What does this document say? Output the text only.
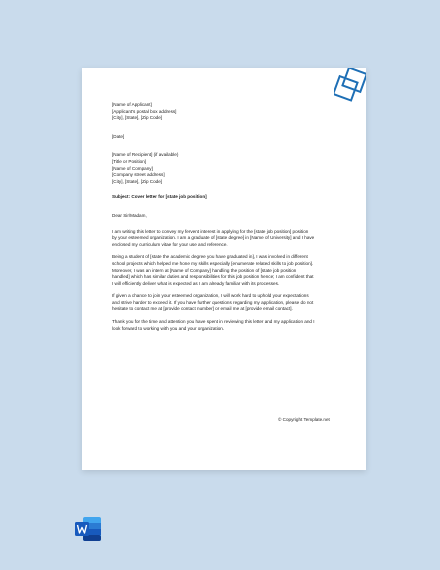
[Name of Applicant]
[Applicant's postal box address]
[City], [State], [Zip Code]
[Date]
[Name of Recipient] (if available)
[Title or Position]
[Name of Company]
[Company street address]
[City], [State], [Zip Code]
Subject: Cover letter for [state job position]
Dear Sir/Madam,
I am writing this letter to convey my fervent interest in applying for the [state job position] position
by your esteemed organization. I am a graduate of [state degree] in [Name of University] and I have
enclosed my curriculum vitae for your use and reference.
Being a student of [state the academic degree you have graduated in], I was involved in different
school projects which helped me hone my skills especially [enumerate related skills to job position].
Moreover, I was an intern at [Name of Company] handling the position of [state job position
handled] which has similar duties and responsibilities for this job position hence; I am confident that
I will efficiently deliver what is expected as I am already familiar with its processes.
If given a chance to join your esteemed organization, I will work hard to uphold your expectations
and strive harder to exceed it. If you have further questions regarding my application, please do not
hesitate to contact me at [provide contact number] or email me at [provide email contact].
Thank you for the time and attention you have spent in reviewing this letter and my application and I
look forward to working with you and your organization.
© Copyright Template.net
